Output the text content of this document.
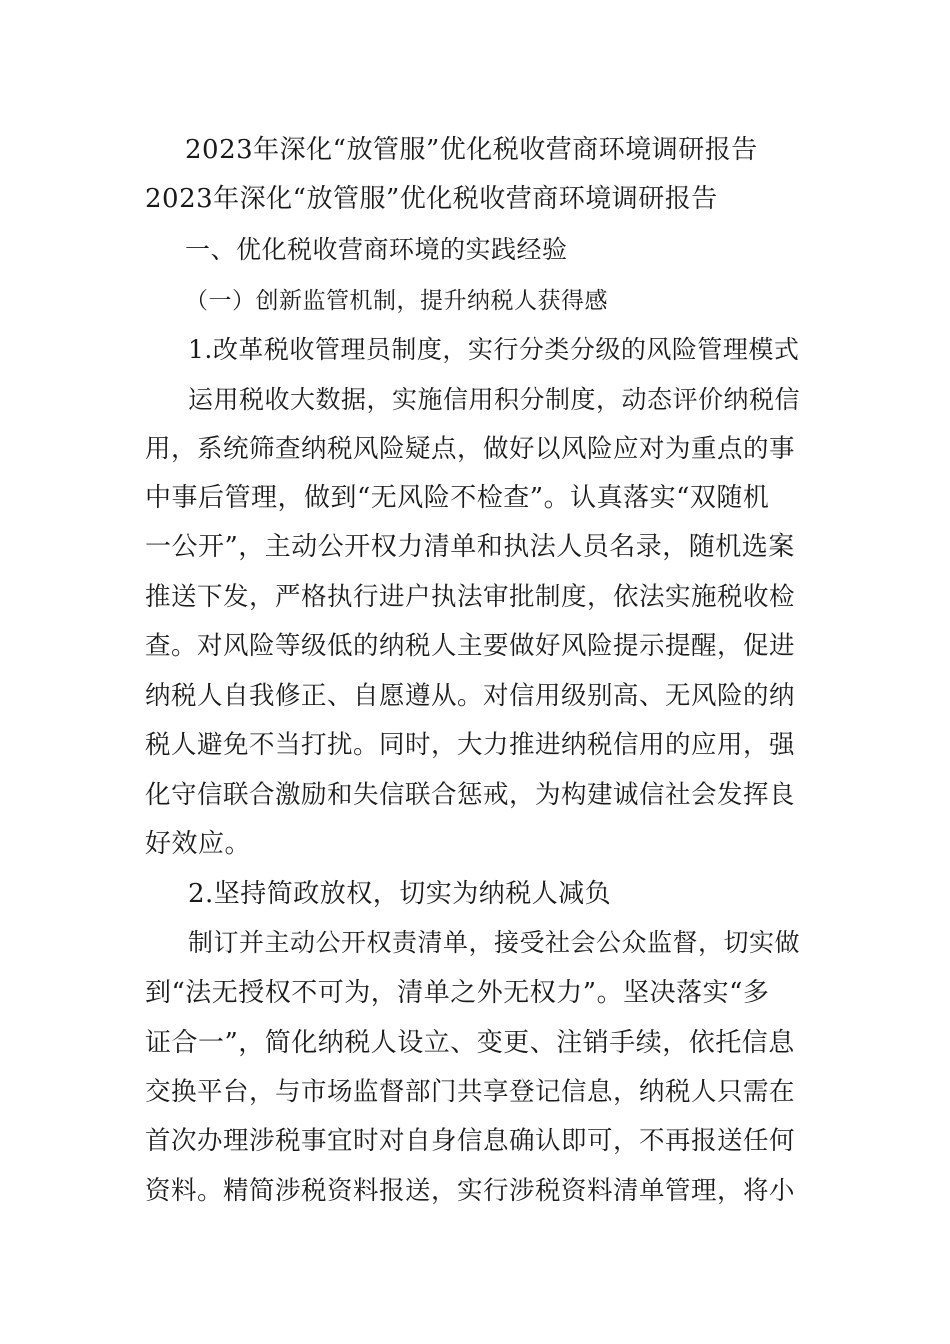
2023年深化“放管服”优化税收营商环境调研报告
2023年深化“放管服”优化税收营商环境调研报告
一、优化税收营商环境的实践经验
（一）创新监管机制，提升纳税人获得感
1.改革税收管理员制度，实行分类分级的风险管理模式
运用税收大数据，实施信用积分制度，动态评价纳税信
用，系统筛查纳税风险疑点，做好以风险应对为重点的事
中事后管理，做到“无风险不检查”。认真落实“双随机
一公开”，主动公开权力清单和执法人员名录，随机选案
推送下发，严格执行进户执法审批制度，依法实施税收检
查。对风险等级低的纳税人主要做好风险提示提醒，促进
纳税人自我修正、自愿遵从。对信用级别高、无风险的纳
税人避免不当打扰。同时，大力推进纳税信用的应用，强
化守信联合激励和失信联合惩戒，为构建诚信社会发挥良
好效应。
2.坚持简政放权，切实为纳税人减负
制订并主动公开权责清单，接受社会公众监督，切实做
到“法无授权不可为，清单之外无权力”。坚决落实“多
证合一”，简化纳税人设立、变更、注销手续，依托信息
交换平台，与市场监督部门共享登记信息，纳税人只需在
首次办理涉税事宜时对自身信息确认即可，不再报送任何
资料。精简涉税资料报送，实行涉税资料清单管理，将小
